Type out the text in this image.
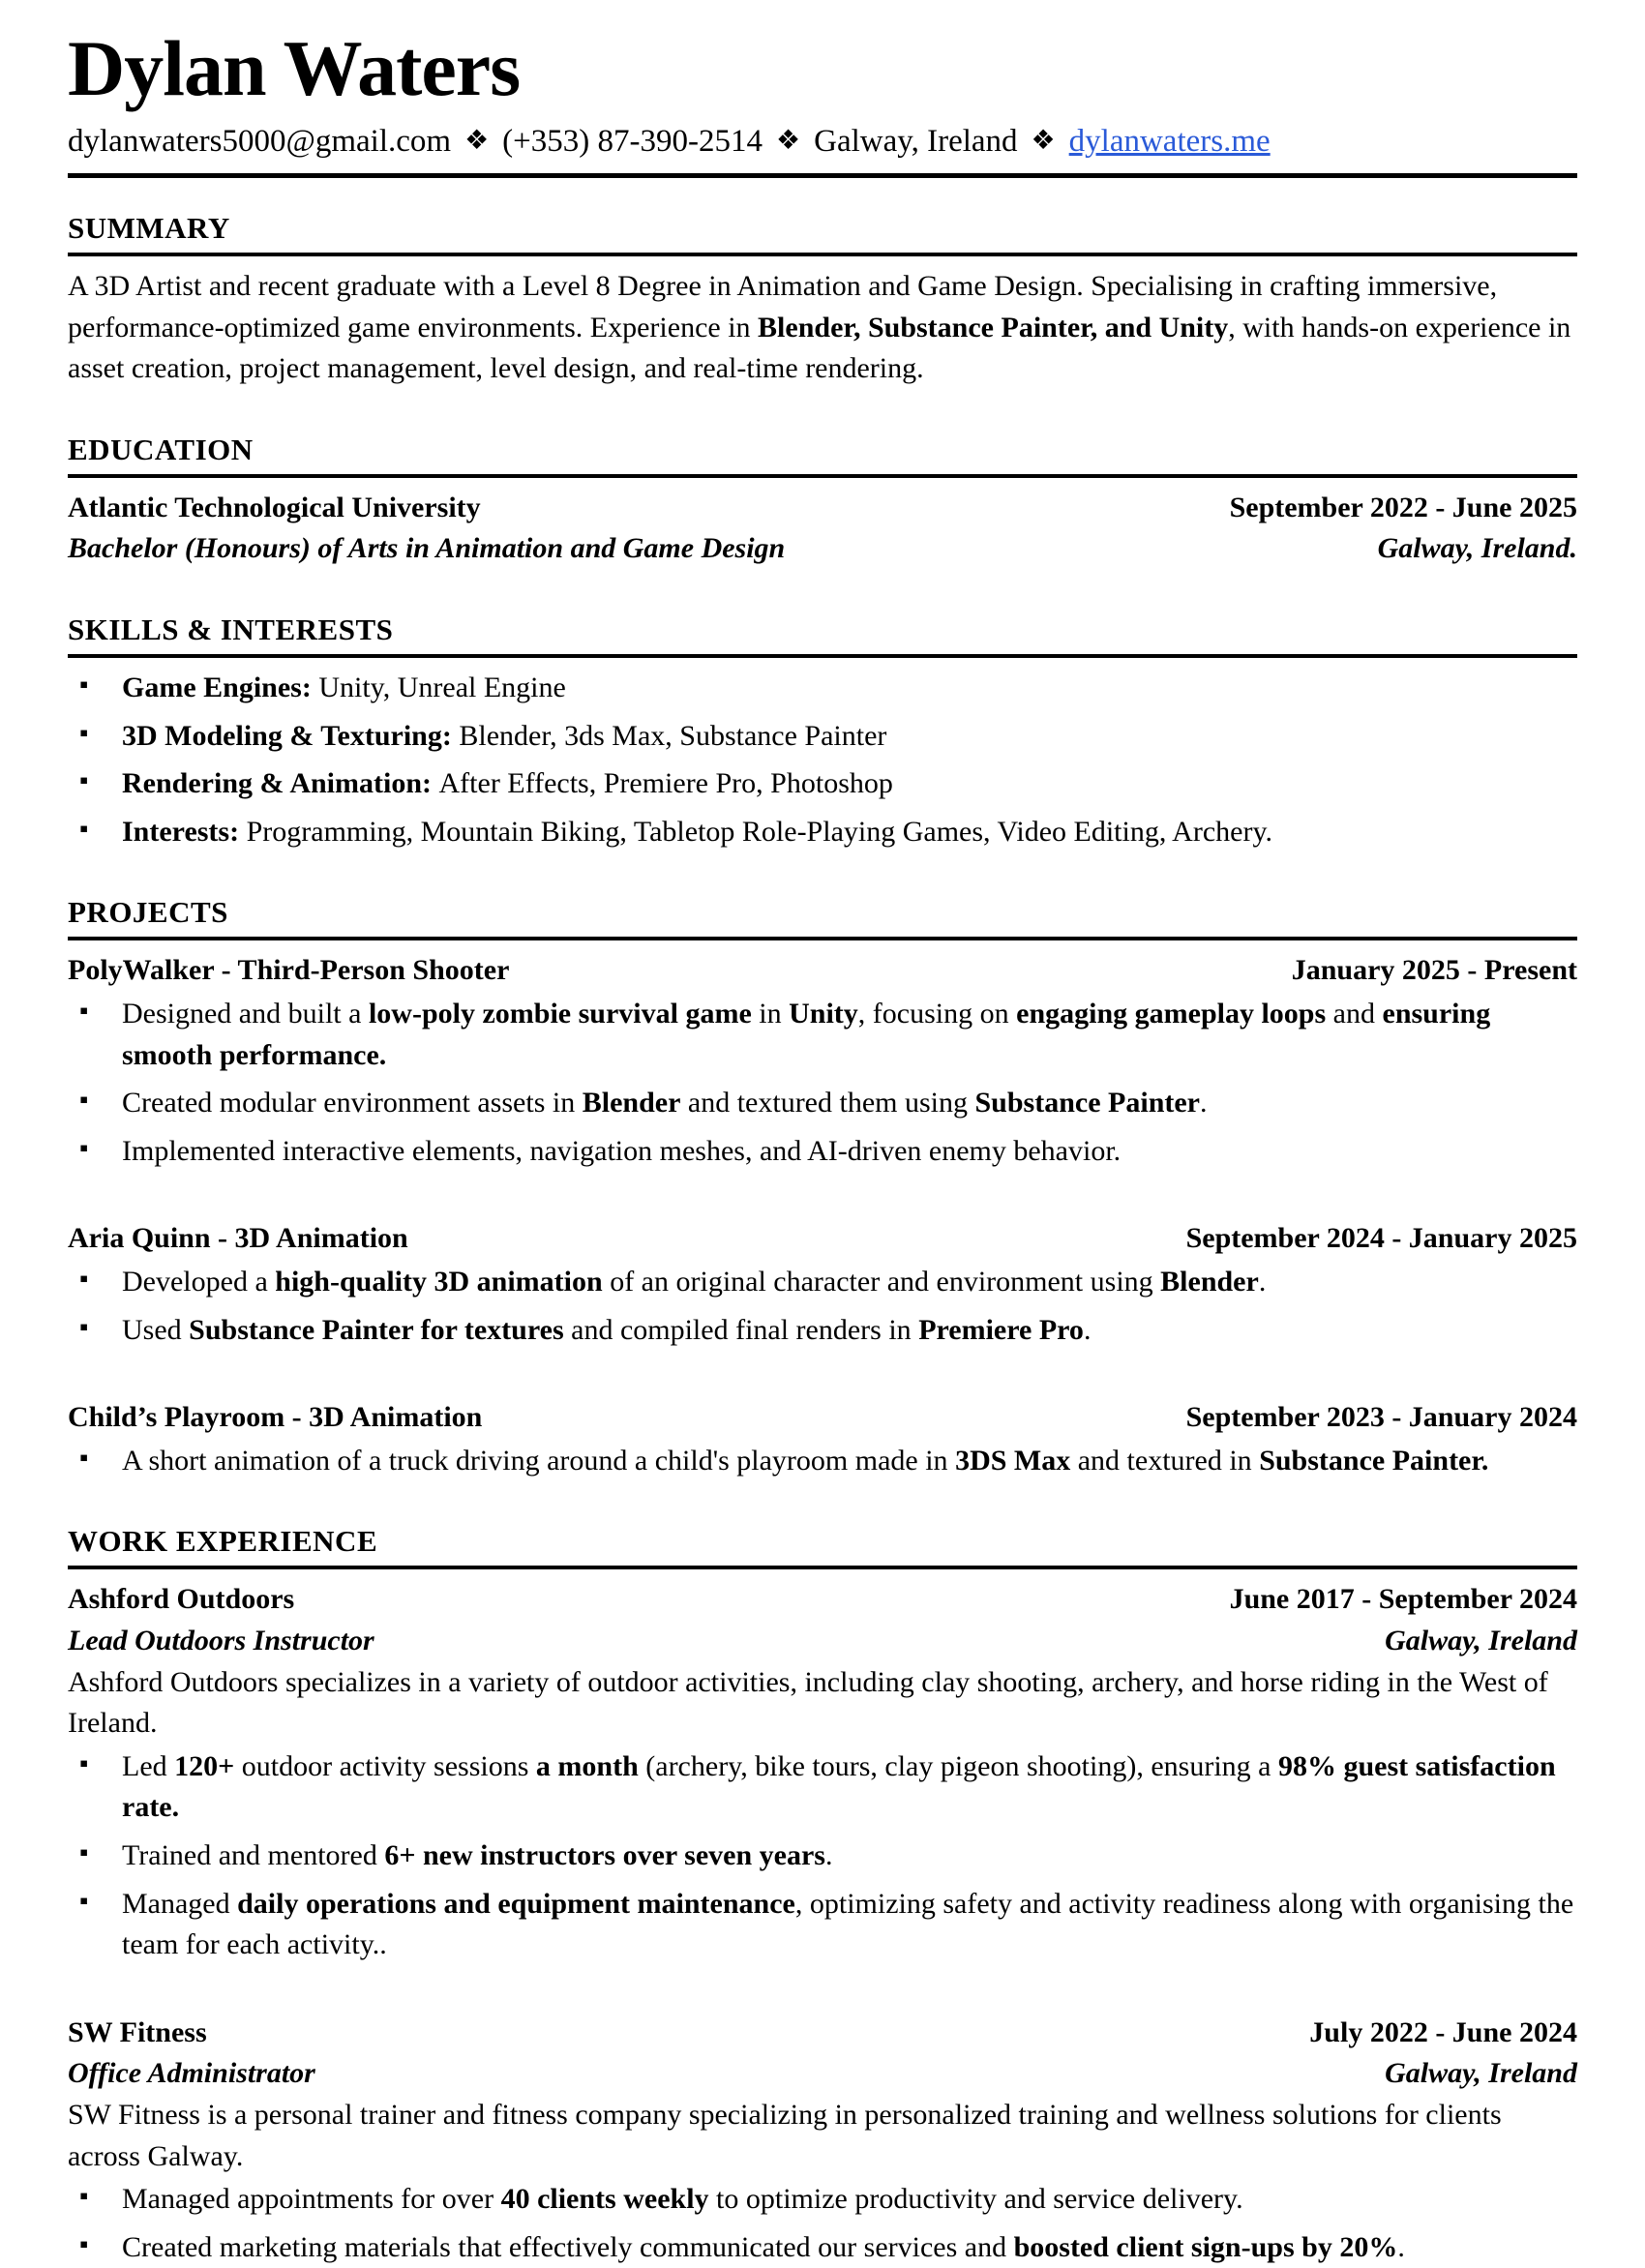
Dylan Waters
dylanwaters5000@gmail.com ❖ (+353) 87-390-2514 ❖ Galway, Ireland ❖ dylanwaters.me
SUMMARY

A 3D Artist and recent graduate with a Level 8 Degree in Animation and Game Design. Specialising in crafting immersive, performance-optimized game environments. Experience in Blender, Substance Painter, and Unity, with hands-on experience in asset creation, project management, level design, and real-time rendering.

EDUCATION
Atlantic Technological University	September 2022 - June 2025
Bachelor (Honours) of Arts in Animation and Game Design	Galway, Ireland.
SKILLS & INTERESTS
▪ Game Engines: Unity, Unreal Engine
▪ 3D Modeling & Texturing: Blender, 3ds Max, Substance Painter
▪ Rendering & Animation: After Effects, Premiere Pro, Photoshop
▪ Interests: Programming, Mountain Biking, Tabletop Role-Playing Games, Video Editing, Archery.
PROJECTS
PolyWalker - Third-Person Shooter	January 2025 - Present
▪ Designed and built a low-poly zombie survival game in Unity, focusing on engaging gameplay loops and ensuring smooth performance.
▪ Created modular environment assets in Blender and textured them using Substance Painter.
▪ Implemented interactive elements, navigation meshes, and AI-driven enemy behavior.
Aria Quinn - 3D Animation	September 2024 - January 2025
▪ Developed a high-quality 3D animation of an original character and environment using Blender.
▪ Used Substance Painter for textures and compiled final renders in Premiere Pro.
Child’s Playroom - 3D Animation	September 2023 - January 2024
▪ A short animation of a truck driving around a child's playroom made in 3DS Max and textured in Substance Painter.
WORK EXPERIENCE
Ashford Outdoors	June 2017 - September 2024
Lead Outdoors Instructor	Galway, Ireland

Ashford Outdoors specializes in a variety of outdoor activities, including clay shooting, archery, and horse riding in the West of Ireland.

▪ Led 120+ outdoor activity sessions a month (archery, bike tours, clay pigeon shooting), ensuring a 98% guest satisfaction rate.
▪ Trained and mentored 6+ new instructors over seven years.
▪ Managed daily operations and equipment maintenance, optimizing safety and activity readiness along with organising the team for each activity..
SW Fitness	July 2022 - June 2024
Office Administrator	Galway, Ireland

SW Fitness is a personal trainer and fitness company specializing in personalized training and wellness solutions for clients across Galway.

▪ Managed appointments for over 40 clients weekly to optimize productivity and service delivery.
▪ Created marketing materials that effectively communicated our services and boosted client sign-ups by 20%.
